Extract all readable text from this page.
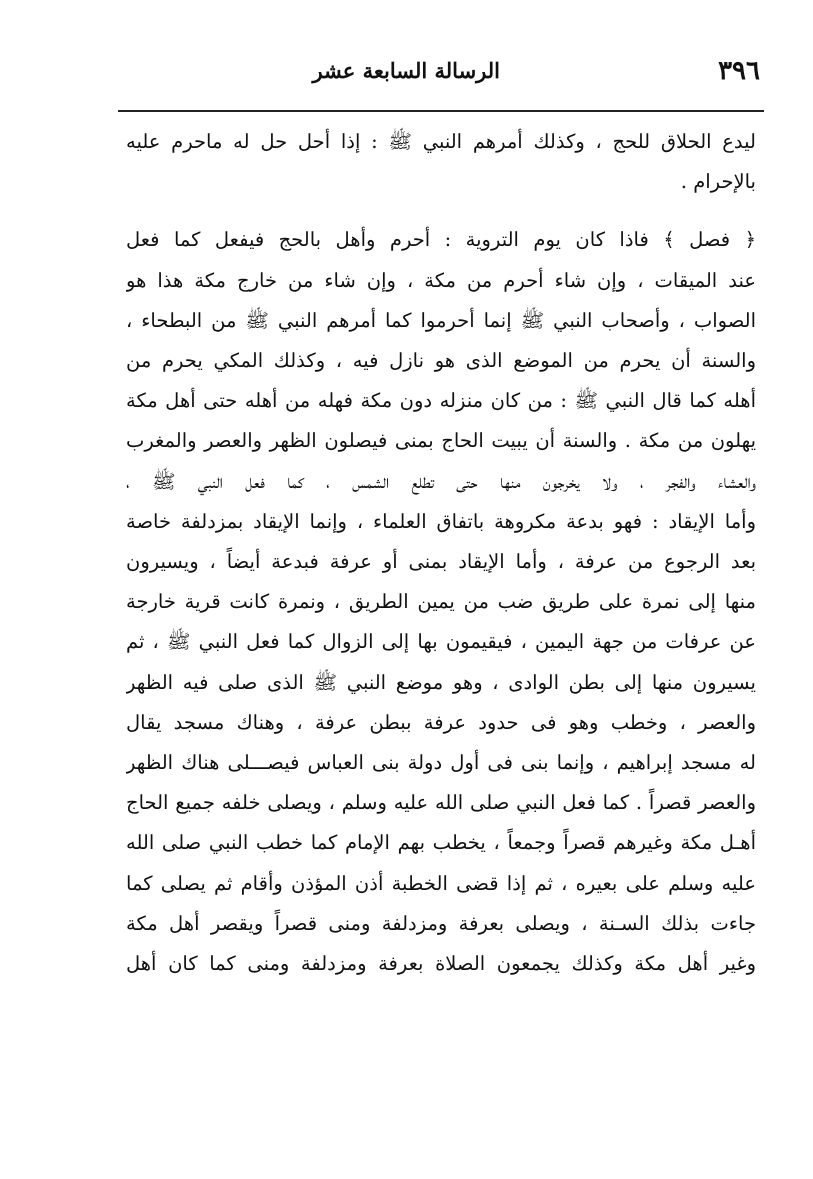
٣٩٦
الرسالة السابعة عشر
ليدع الحلاق للحج ، وكذلك أمرهم النبي ﷺ : إذا أحل حل له ماحرم عليه
بالإحرام .
﴿ فصل ﴾ فاذا كان يوم التروية : أحرم وأهل بالحج فيفعل كما فعل
عند الميقات ، وإن شاء أحرم من مكة ، وإن شاء من خارج مكة هذا هو
الصواب ، وأصحاب النبي ﷺ إنما أحرموا كما أمرهم النبي ﷺ من البطحاء ،
والسنة أن يحرم من الموضع الذى هو نازل فيه ، وكذلك المكي يحرم من
أهله كما قال النبي ﷺ : من كان منزله دون مكة فهله من أهله حتى أهل مكة
يهلون من مكة . والسنة أن يبيت الحاج بمنى فيصلون الظهر والعصر والمغرب
والعشاء والفجر ، ولا يخرجون منها حتى تطلع الشمس ، كما فعل النبي ﷺ ،
وأما الإيقاد : فهو بدعة مكروهة باتفاق العلماء ، وإنما الإيقاد بمزدلفة خاصة
بعد الرجوع من عرفة ، وأما الإيقاد بمنى أو عرفة فبدعة أيضاً ، ويسيرون
منها إلى نمرة على طريق ضب من يمين الطريق ، ونمرة كانت قرية خارجة
عن عرفات من جهة اليمين ، فيقيمون بها إلى الزوال كما فعل النبي ﷺ ، ثم
يسيرون منها إلى بطن الوادى ، وهو موضع النبي ﷺ الذى صلى فيه الظهر
والعصر ، وخطب وهو فى حدود عرفة ببطن عرفة ، وهناك مسجد يقال
له مسجد إبراهيم ، وإنما بنى فى أول دولة بنى العباس فيصـــلى هناك الظهر
والعصر قصراً . كما فعل النبي صلى الله عليه وسلم ، ويصلى خلفه جميع الحاج
أهـل مكة وغيرهم قصراً وجمعاً ، يخطب بهم الإمام كما خطب النبي صلى الله
عليه وسلم على بعيره ، ثم إذا قضى الخطبة أذن المؤذن وأقام ثم يصلى كما
جاءت بذلك السـنة ، ويصلى بعرفة ومزدلفة ومنى قصراً ويقصر أهل مكة
وغير أهل مكة وكذلك يجمعون الصلاة بعرفة ومزدلفة ومنى كما كان أهل
